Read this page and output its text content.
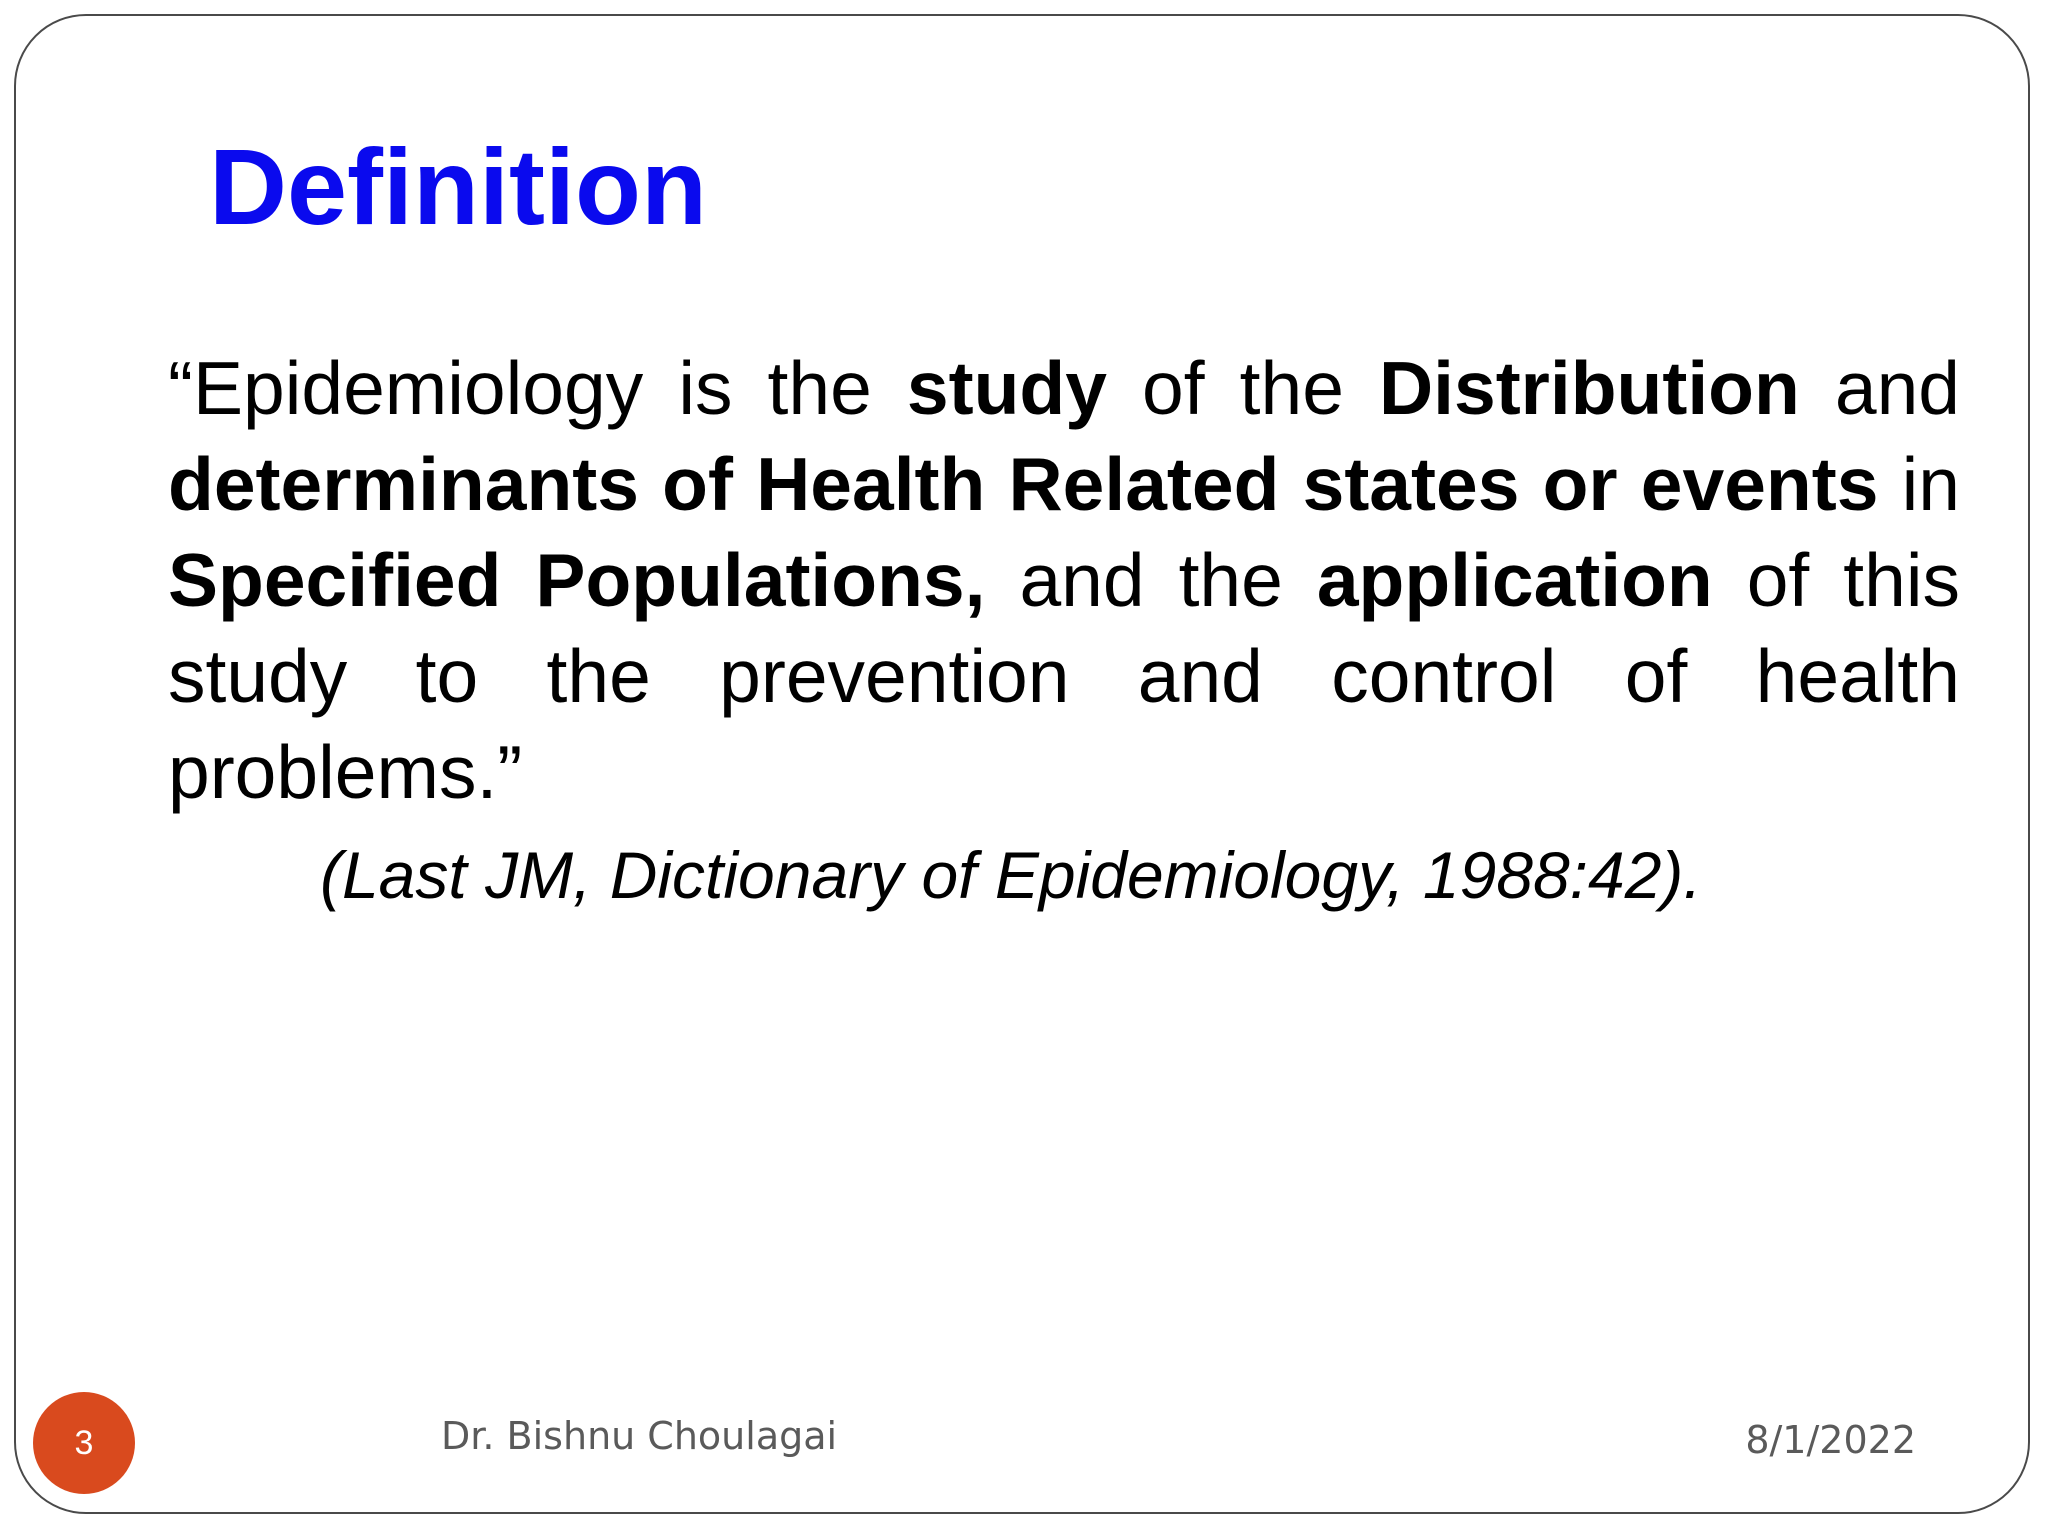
Definition
“Epidemiology is the study of the Distribution and determinants of Health Related states or events in Specified Populations, and the application of this study to the prevention and control of health problems.”
(Last JM, Dictionary of Epidemiology, 1988:42).
3	Dr. Bishnu Choulagai	8/1/2022
